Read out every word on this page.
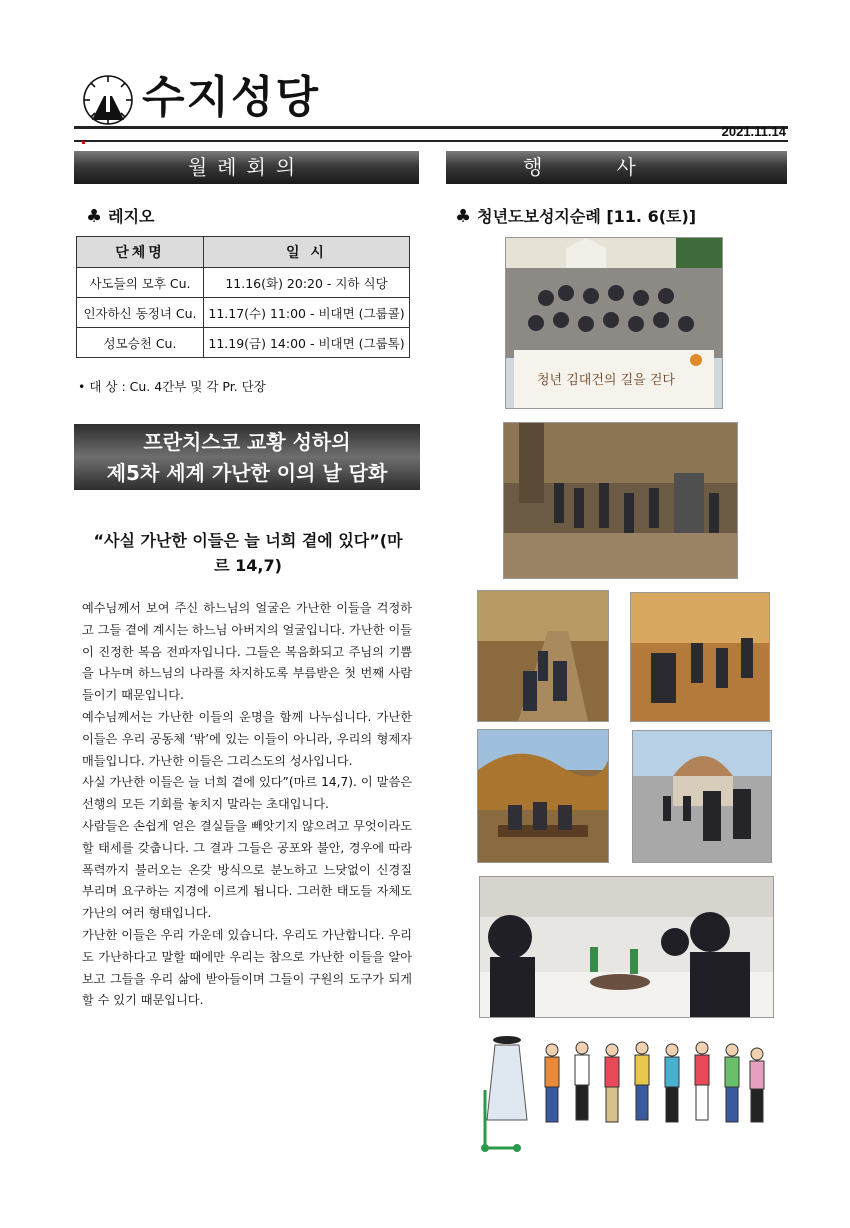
수지성당
2021.11.14
월례회의	행사
♣ 레지오
단체명	일 시
사도들의 모후 Cu.	11.16(화) 20:20 - 지하 식당
인자하신 동정녀 Cu.	11.17(수) 11:00 - 비대면 (그룹콜)
성모승천 Cu.	11.19(금) 14:00 - 비대면 (그룹톡)
• 대 상 : Cu. 4간부 및 각 Pr. 단장
프란치스코 교황 성하의
제5차 세계 가난한 이의 날 담화
“사실 가난한 이들은 늘 너희 곁에 있다”(마르 14,7)

예수님께서 보여 주신 하느님의 얼굴은 가난한 이들을 걱정하고 그들 곁에 계시는 하느님 아버지의 얼굴입니다. 가난한 이들이 진정한 복음 전파자입니다. 그들은 복음화되고 주님의 기쁨을 나누며 하느님의 나라를 차지하도록 부름받은 첫 번째 사람들이기 때문입니다.

예수님께서는 가난한 이들의 운명을 함께 나누십니다. 가난한 이들은 우리 공동체 ‘밖’에 있는 이들이 아니라, 우리의 형제자매들입니다. 가난한 이들은 그리스도의 성사입니다.

사실 가난한 이들은 늘 너희 곁에 있다”(마르 14,7). 이 말씀은 선행의 모든 기회를 놓치지 말라는 초대입니다.

사람들은 손쉽게 얻은 결실들을 빼앗기지 않으려고 무엇이라도 할 태세를 갖춥니다. 그 결과 그들은 공포와 불안, 경우에 따라 폭력까지 불러오는 온갖 방식으로 분노하고 느닷없이 신경질 부리며 요구하는 지경에 이르게 됩니다. 그러한 태도들 자체도 가난의 여러 형태입니다.

가난한 이들은 우리 가운데 있습니다. 우리도 가난합니다. 우리도 가난하다고 말할 때에만 우리는 참으로 가난한 이들을 알아보고 그들을 우리 삶에 받아들이며 그들이 구원의 도구가 되게 할 수 있기 때문입니다.

♣ 청년도보성지순례 [11. 6(토)]
청년 김대건의 길을 걷다
